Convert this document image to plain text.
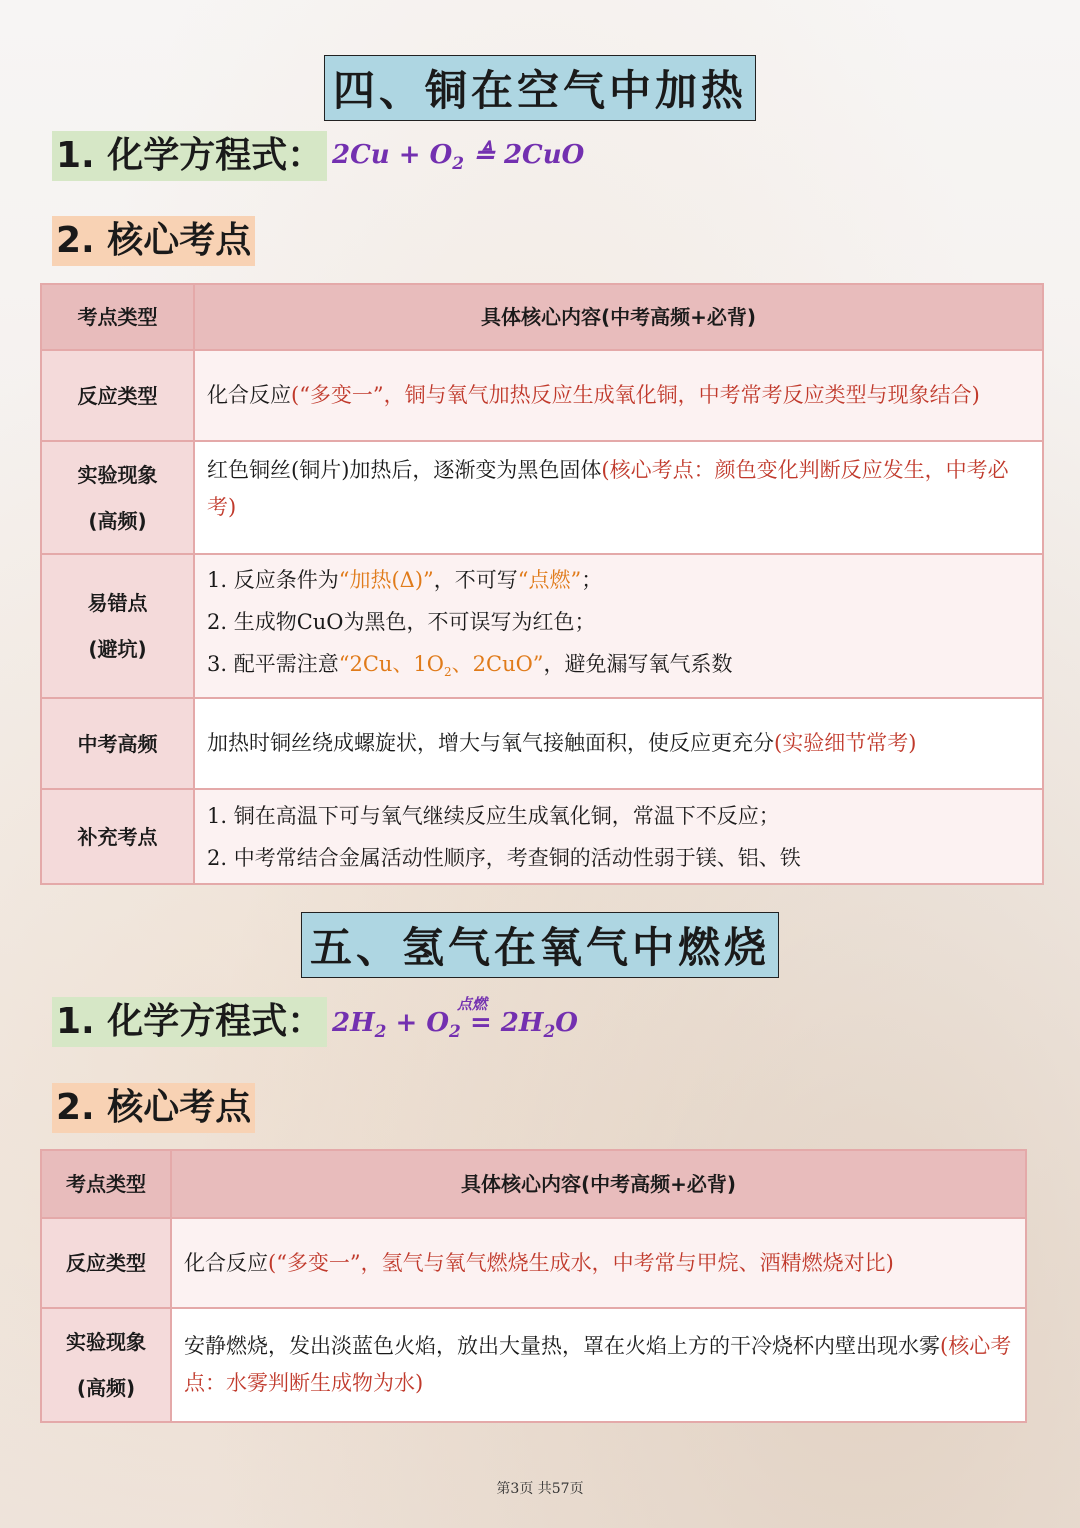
四、铜在空气中加热
1. 化学方程式： $2Cu + O_2$ ≜ 2CuO
2. 核心考点
考点类型	具体核心内容(中考高频+必背)
反应类型	化合反应(“多变一”，铜与氧气加热反应生成氧化铜，中考常考反应类型与现象结合)

实验现象
(高频)	红色铜丝(铜片)加热后，逐渐变为黑色固体(核心考点：颜色变化判断反应发生，中考必考)

易错点
(避坑)	1. 反应条件为“加热(Δ)”，不可写“点燃”；
2. 生成物CuO为黑色，不可误写为红色；
3. 配平需注意“2Cu、$1O_2$、2CuO”，避免漏写氧气系数

中考高频	加热时铜丝绕成螺旋状，增大与氧气接触面积，使反应更充分(实验细节常考)
补充考点	1. 铜在高温下可与氧气继续反应生成氧化铜，常温下不反应；
2. 中考常结合金属活动性顺序，考查铜的活动性弱于镁、铝、铁
五、氢气在氧气中燃烧
1. 化学方程式：	点燃
$2H_2 + O_2 = 2H_2O$
2. 核心考点
考点类型	具体核心内容(中考高频+必背)
反应类型	化合反应(“多变一”，氢气与氧气燃烧生成水，中考常与甲烷、酒精燃烧对比)

实验现象
(高频)	安静燃烧，发出淡蓝色火焰，放出大量热，罩在火焰上方的干冷烧杯内壁出现水雾(核心考点：水雾判断生成物为水)
第3页 共57页
